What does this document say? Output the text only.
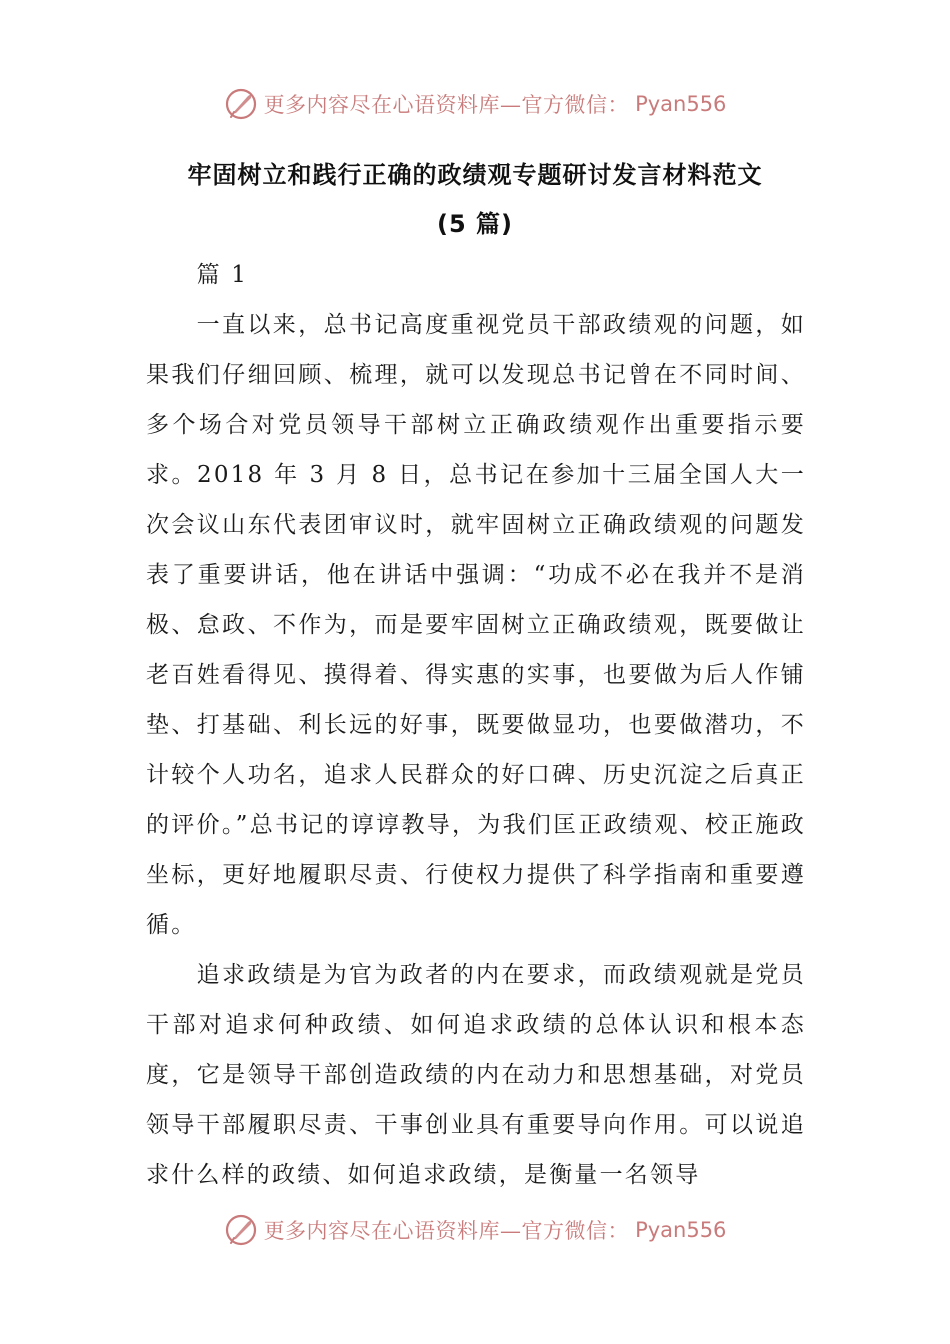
更多内容尽在心语资料库—官方微信： Pyan556
牢固树立和践行正确的政绩观专题研讨发言材料范文
(5 篇)

篇 1

一直以来，总书记高度重视党员干部政绩观的问题，如果我们仔细回顾、梳理，就可以发现总书记曾在不同时间、多个场合对党员领导干部树立正确政绩观作出重要指示要求。2018 年 3 月 8 日，总书记在参加十三届全国人大一次会议山东代表团审议时，就牢固树立正确政绩观的问题发表了重要讲话，他在讲话中强调：“功成不必在我并不是消极、怠政、不作为，而是要牢固树立正确政绩观，既要做让老百姓看得见、摸得着、得实惠的实事，也要做为后人作铺垫、打基础、利长远的好事，既要做显功，也要做潜功，不计较个人功名，追求人民群众的好口碑、历史沉淀之后真正的评价。”总书记的谆谆教导，为我们匡正政绩观、校正施政坐标，更好地履职尽责、行使权力提供了科学指南和重要遵循。

追求政绩是为官为政者的内在要求，而政绩观就是党员干部对追求何种政绩、如何追求政绩的总体认识和根本态度，它是领导干部创造政绩的内在动力和思想基础，对党员领导干部履职尽责、干事创业具有重要导向作用。可以说追求什么样的政绩、如何追求政绩，是衡量一名领导

更多内容尽在心语资料库—官方微信： Pyan556
